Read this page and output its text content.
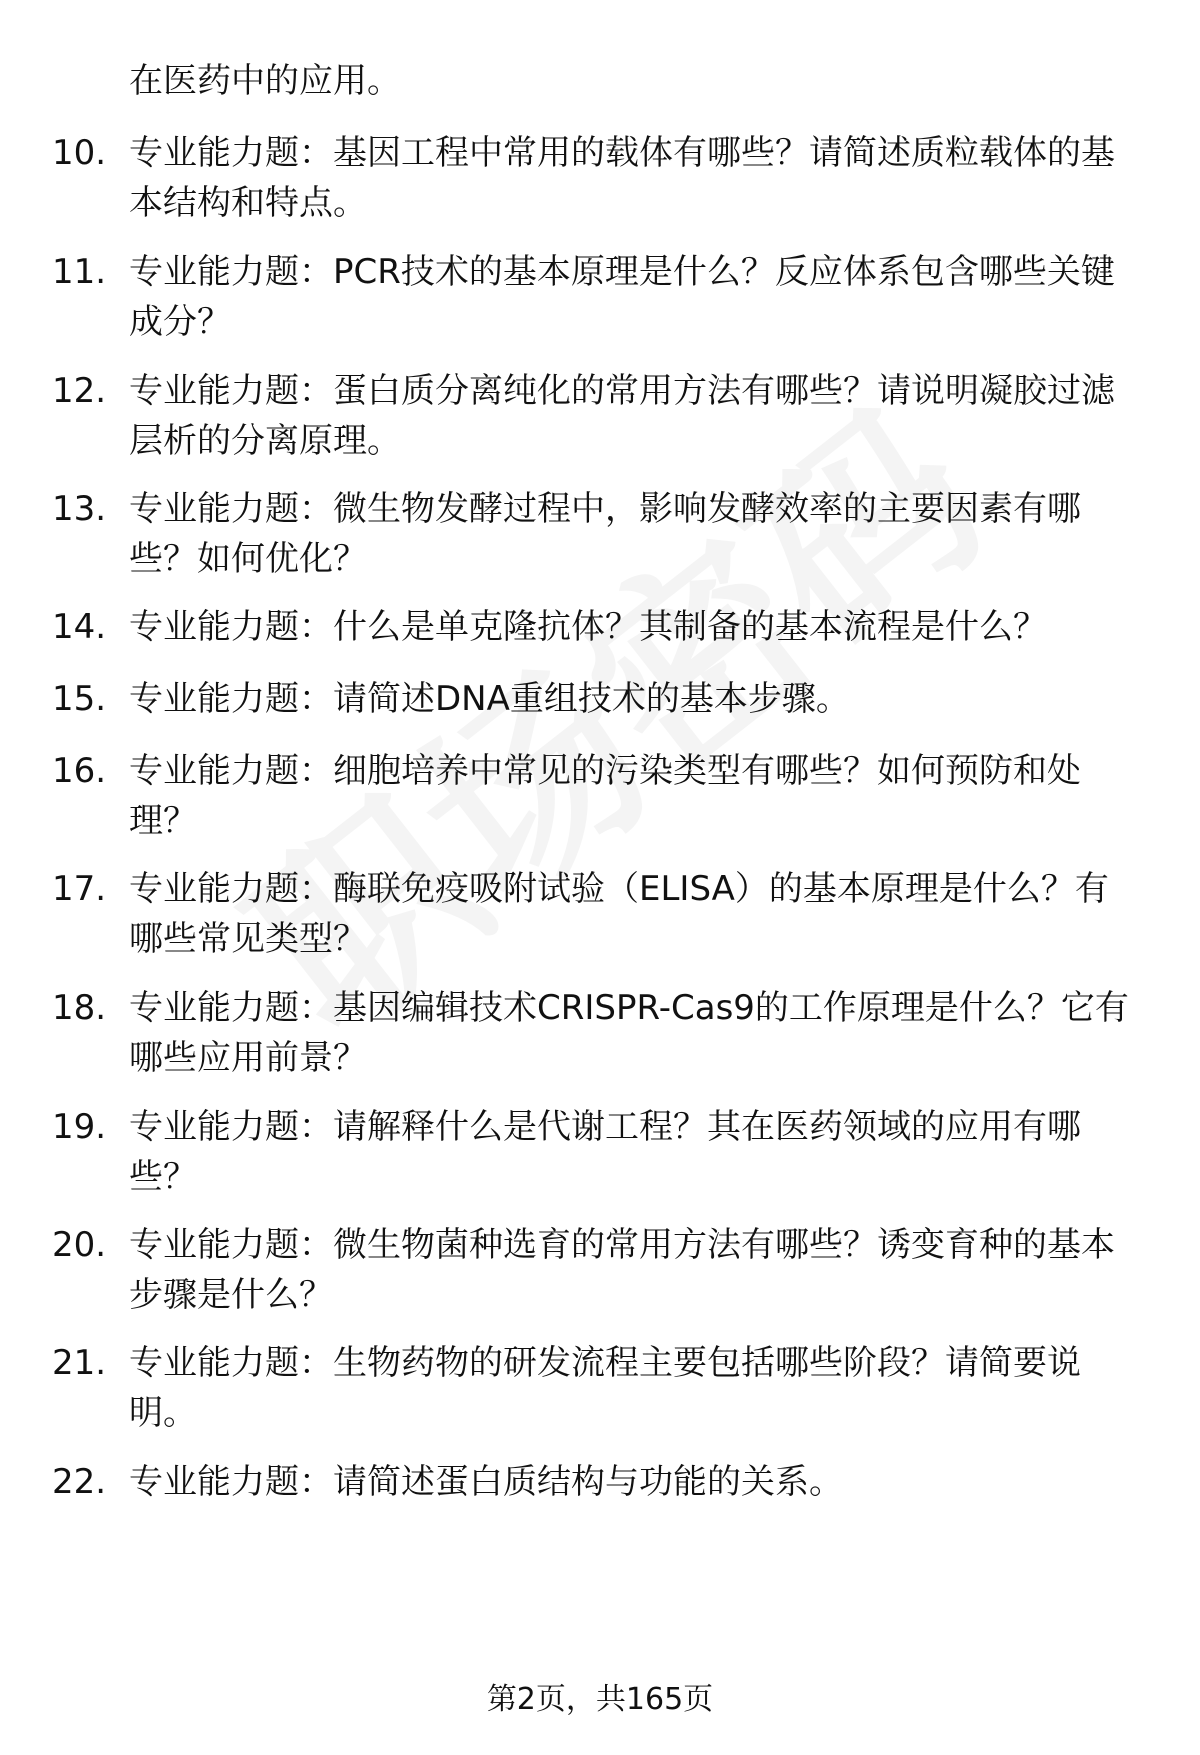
在医药中的应用。
10. 专业能力题：基因工程中常用的载体有哪些？请简述质粒载体的基本结构和特点。
11. 专业能力题：PCR技术的基本原理是什么？反应体系包含哪些关键成分？
12. 专业能力题：蛋白质分离纯化的常用方法有哪些？请说明凝胶过滤层析的分离原理。
13. 专业能力题：微生物发酵过程中，影响发酵效率的主要因素有哪些？如何优化？
14. 专业能力题：什么是单克隆抗体？其制备的基本流程是什么？
15. 专业能力题：请简述DNA重组技术的基本步骤。
16. 专业能力题：细胞培养中常见的污染类型有哪些？如何预防和处理？
17. 专业能力题：酶联免疫吸附试验（ELISA）的基本原理是什么？有哪些常见类型？
18. 专业能力题：基因编辑技术CRISPR-Cas9的工作原理是什么？它有哪些应用前景？
19. 专业能力题：请解释什么是代谢工程？其在医药领域的应用有哪些？
20. 专业能力题：微生物菌种选育的常用方法有哪些？诱变育种的基本步骤是什么？
21. 专业能力题：生物药物的研发流程主要包括哪些阶段？请简要说明。
22. 专业能力题：请简述蛋白质结构与功能的关系。
第2页，共165页
